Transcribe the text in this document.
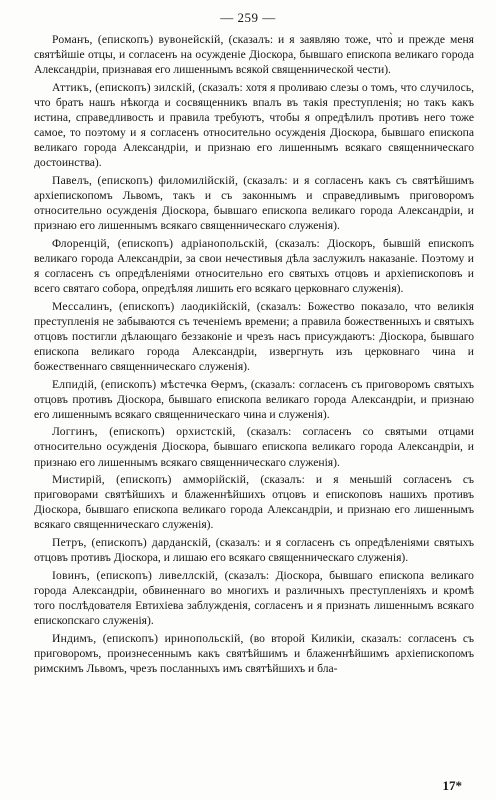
— 259 —

Романъ, (епископъ) вувонейскій, (сказалъ: и я заявляю тоже, что̀ и прежде меня святѣйшіе отцы, и согласенъ на осужденіе Діоскора, бывшаго епископа великаго города Александріи, признавая его лишеннымъ всякой священнической чести).

Аттикъ, (епископъ) зилскій, (сказалъ: хотя я проливаю слезы о томъ, что случилось, что братъ нашъ нѣкогда и сосвященникъ впалъ въ такія преступленія; но такъ какъ истина, справедливость и правила требуютъ, чтобы я опредѣлилъ противъ него тоже самое, то поэтому и я согласенъ относительно осужденія Діоскора, бывшаго епископа великаго города Александріи, и признаю его лишеннымъ всякаго священническаго достоинства).

Павелъ, (епископъ) филомилійскій, (сказалъ: и я согласенъ какъ съ святѣйшимъ архіепископомъ Львомъ, такъ и съ законнымъ и справедливымъ приговоромъ относительно осужденія Діоскора, бывшаго епископа великаго города Александріи, и признаю его лишеннымъ всякаго священническаго служенія).

Флоренцій, (епископъ) адріанопольскій, (сказалъ: Діоскоръ, бывшій епископъ великаго города Александріи, за свои нечестивыя дѣла заслужилъ наказаніе. Поэтому и я согласенъ съ опредѣленіями относительно его святыхъ отцовъ и архіепископовъ и всего святаго собора, опредѣляя лишить его всякаго церковнаго служенія).

Мессалинъ, (епископъ) лаодикійскій, (сказалъ: Божество показало, что великія преступленія не забываются съ теченіемъ времени; а правила божественныхъ и святыхъ отцовъ постигли дѣлающаго беззаконіе и чрезъ насъ присуждаютъ: Діоскора, бывшаго епископа великаго города Александріи, извергнуть изъ церковнаго чина и божественнаго священническаго служенія).

Елпидій, (епископъ) мѣстечка Ѳермъ, (сказалъ: согласенъ съ приговоромъ святыхъ отцовъ противъ Діоскора, бывшаго епископа великаго города Александріи, и признаю его лишеннымъ всякаго священническаго чина и служенія).

Логгинъ, (епископъ) орхистскій, (сказалъ: согласенъ со святыми отцами относительно осужденія Діоскора, бывшаго епископа великаго города Александріи, и признаю его лишеннымъ всякаго священническаго служенія).

Мистирій, (епископъ) амморійскій, (сказалъ: и я меньшій согласенъ съ приговорами святѣйшихъ и блаженнѣйшихъ отцовъ и епископовъ нашихъ противъ Діоскора, бывшаго епископа великаго города Александріи, и признаю его лишеннымъ всякаго священническаго служенія).

Петръ, (епископъ) дарданскій, (сказалъ: и я согласенъ съ опредѣленіями святыхъ отцовъ противъ Діоскора, и лишаю его всякаго священническаго служенія).

Іовинъ, (епископъ) ливеллскій, (сказалъ: Діоскора, бывшаго епископа великаго города Александріи, обвиненнаго во многихъ и различныхъ преступленіяхъ и кромѣ того послѣдователя Евтихіева заблужденія, согласенъ и я признать лишеннымъ всякаго епископскаго служенія).

Индимъ, (епископъ) иринопольскій, (во второй Киликіи, сказалъ: согласенъ съ приговоромъ, произнесеннымъ какъ святѣйшимъ и блаженнѣйшимъ архіепископомъ римскимъ Львомъ, чрезъ посланныхъ имъ святѣйшихъ и бла-

17*
